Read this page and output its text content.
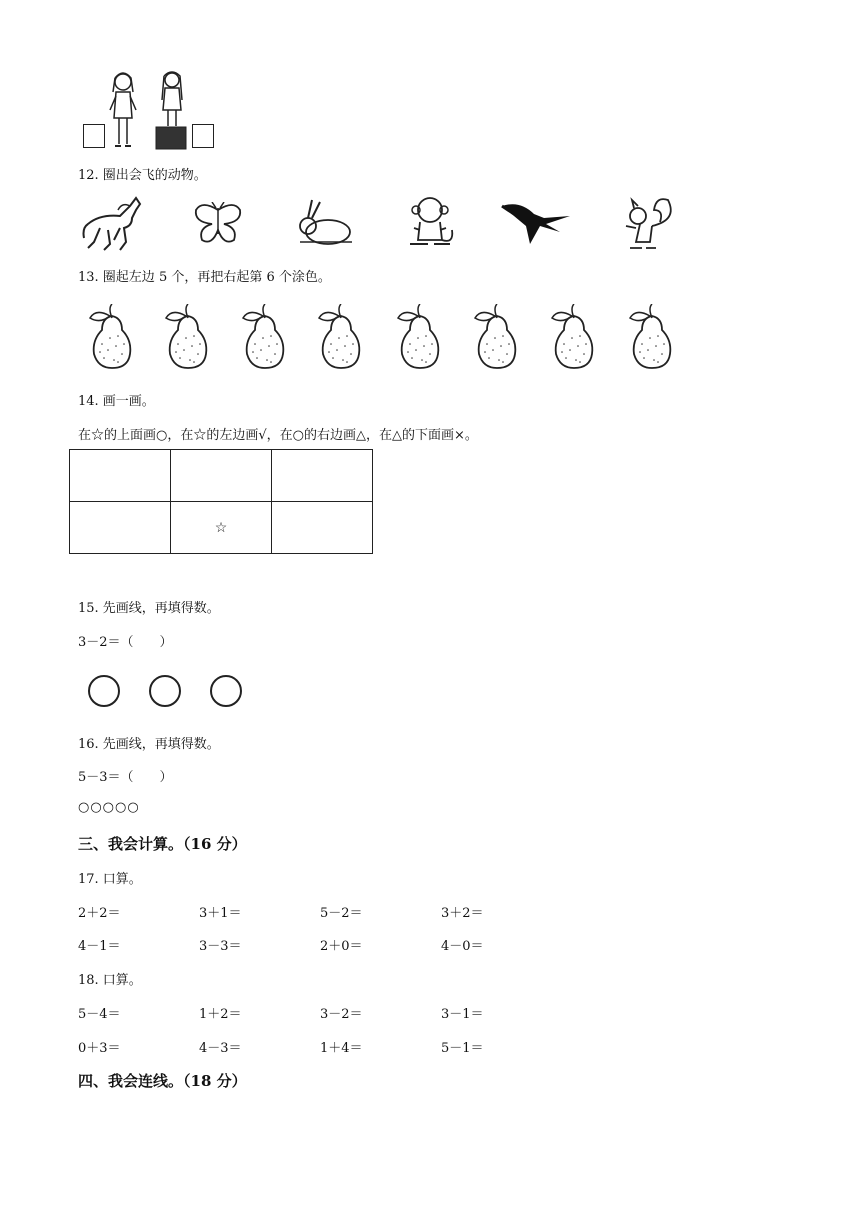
12. 圈出会飞的动物。
13. 圈起左边 5 个，再把右起第 6 个涂色。
14. 画一画。
在☆的上面画○，在☆的左边画√，在○的右边画△，在△的下面画×。

	☆	
15. 先画线，再填得数。
3－2＝（　　）
16. 先画线，再填得数。
5－3＝（　　）
○○○○○
三、我会计算。（16 分）
17. 口算。
2＋2＝	3＋1＝	5－2＝	3＋2＝
4－1＝	3－3＝	2＋0＝	4－0＝
18. 口算。
5－4＝	1＋2＝	3－2＝	3－1＝
0＋3＝	4－3＝	1＋4＝	5－1＝
四、我会连线。（18 分）
